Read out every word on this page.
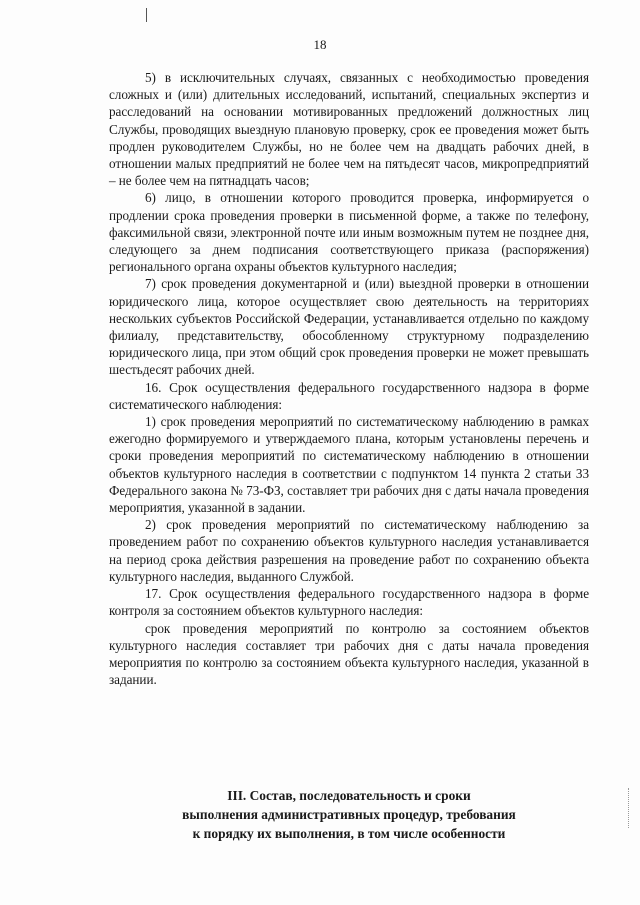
18

5) в исключительных случаях, связанных с необходимостью проведения сложных и (или) длительных исследований, испытаний, специальных экспертиз и расследований на основании мотивированных предложений должностных лиц Службы, проводящих выездную плановую проверку, срок ее проведения может быть продлен руководителем Службы, но не более чем на двадцать рабочих дней, в отношении малых предприятий не более чем на пятьдесят часов, микропредприятий – не более чем на пятнадцать часов;

6) лицо, в отношении которого проводится проверка, информируется о продлении срока проведения проверки в письменной форме, а также по телефону, факсимильной связи, электронной почте или иным возможным путем не позднее дня, следующего за днем подписания соответствующего приказа (распоряжения) регионального органа охраны объектов культурного наследия;

7) срок проведения документарной и (или) выездной проверки в отношении юридического лица, которое осуществляет свою деятельность на территориях нескольких субъектов Российской Федерации, устанавливается отдельно по каждому филиалу, представительству, обособленному структурному подразделению юридического лица, при этом общий срок проведения проверки не может превышать шестьдесят рабочих дней.

16. Срок осуществления федерального государственного надзора в форме систематического наблюдения:

1) срок проведения мероприятий по систематическому наблюдению в рамках ежегодно формируемого и утверждаемого плана, которым установлены перечень и сроки проведения мероприятий по систематическому наблюдению в отношении объектов культурного наследия в соответствии с подпунктом 14 пункта 2 статьи 33 Федерального закона № 73-ФЗ, составляет три рабочих дня с даты начала проведения мероприятия, указанной в задании.

2) срок проведения мероприятий по систематическому наблюдению за проведением работ по сохранению объектов культурного наследия устанавливается на период срока действия разрешения на проведение работ по сохранению объекта культурного наследия, выданного Службой.

17. Срок осуществления федерального государственного надзора в форме контроля за состоянием объектов культурного наследия:

срок проведения мероприятий по контролю за состоянием объектов культурного наследия составляет три рабочих дня с даты начала проведения мероприятия по контролю за состоянием объекта культурного наследия, указанной в задании.

III. Состав, последовательность и сроки
выполнения административных процедур, требования
к порядку их выполнения, в том числе особенности
